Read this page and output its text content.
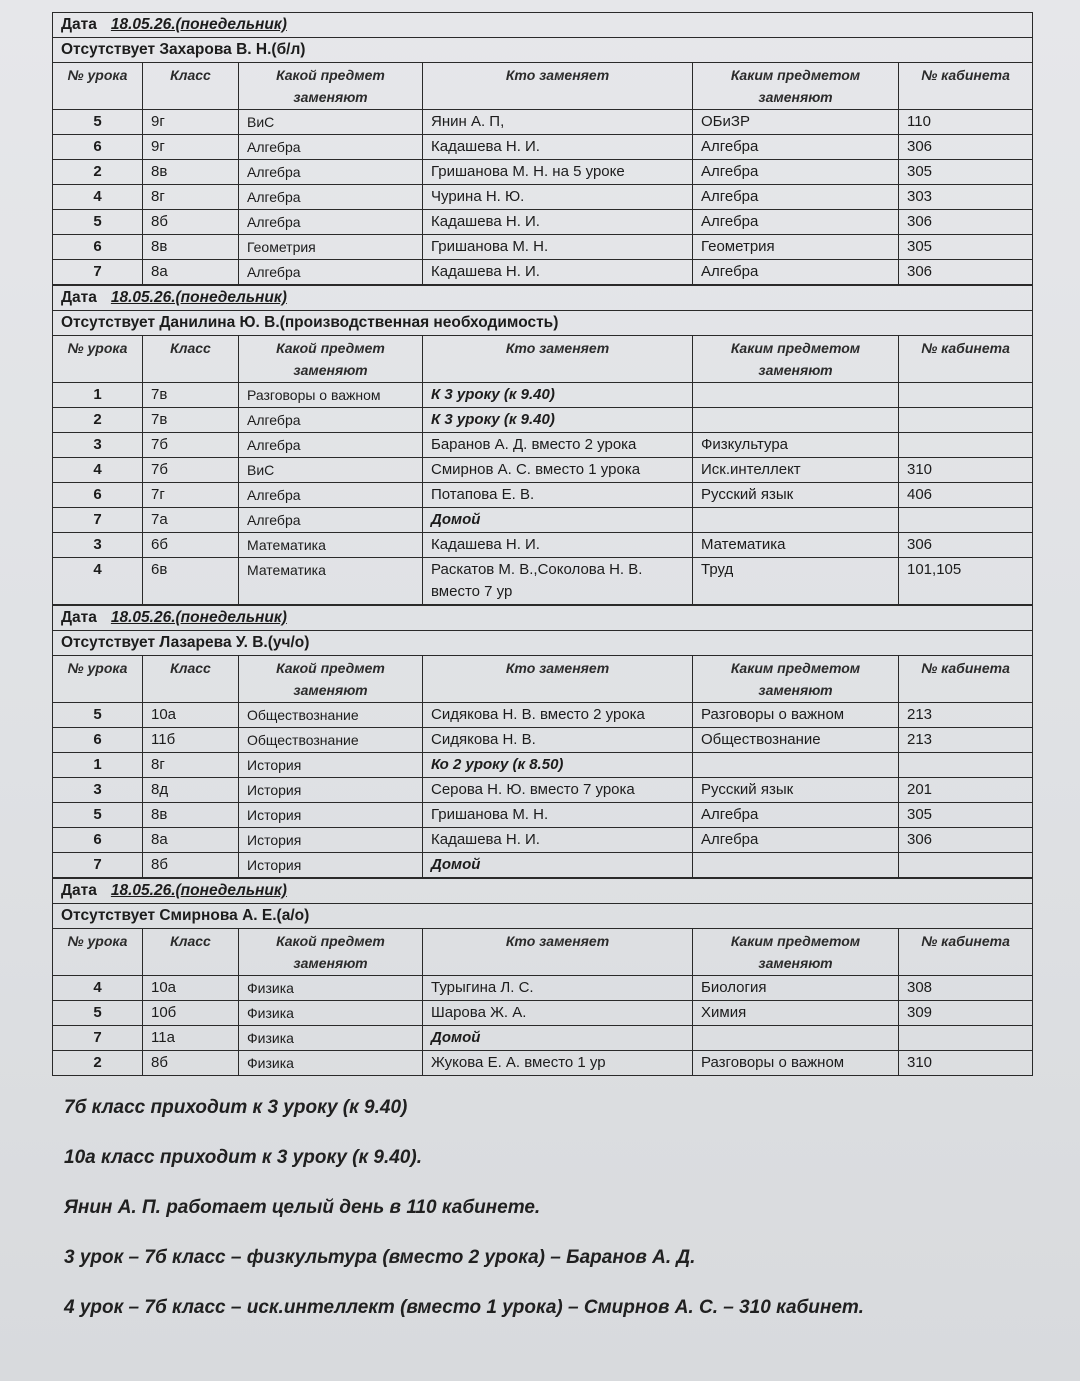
Дата 18.05.26.(понедельник)					
Отсутствует Захарова В. Н.(б/л)					
№ урока	Класс	Какой предмет заменяют	Кто заменяет	Каким предметом заменяют	№ кабинета
5	9г	ВиС	Янин А. П,	ОБиЗР	110
6	9г	Алгебра	Кадашева Н. И.	Алгебра	306
2	8в	Алгебра	Гришанова М. Н. на 5 уроке	Алгебра	305
4	8г	Алгебра	Чурина Н. Ю.	Алгебра	303
5	8б	Алгебра	Кадашева Н. И.	Алгебра	306
6	8в	Геометрия	Гришанова М. Н.	Геометрия	305
7	8а	Алгебра	Кадашева Н. И.	Алгебра	306
Дата 18.05.26.(понедельник)					
Отсутствует Данилина Ю. В.(производственная необходимость)					
№ урока	Класс	Какой предмет заменяют	Кто заменяет	Каким предметом заменяют	№ кабинета
1	7в	Разговоры о важном	К 3 уроку (к 9.40)		
2	7в	Алгебра	К 3 уроку (к 9.40)		
3	7б	Алгебра	Баранов А. Д. вместо 2 урока	Физкультура	
4	7б	ВиС	Смирнов А. С. вместо 1 урока	Иск.интеллект	310
6	7г	Алгебра	Потапова Е. В.	Русский язык	406
7	7а	Алгебра	Домой		
3	6б	Математика	Кадашева Н. И.	Математика	306
4	6в	Математика	Раскатов М. В.,Соколова Н. В. вместо 7 ур	Труд	101,105
Дата 18.05.26.(понедельник)					
Отсутствует Лазарева У. В.(уч/о)					
№ урока	Класс	Какой предмет заменяют	Кто заменяет	Каким предметом заменяют	№ кабинета
5	10а	Обществознание	Сидякова Н. В. вместо 2 урока	Разговоры о важном	213
6	11б	Обществознание	Сидякова Н. В.	Обществознание	213
1	8г	История	Ко 2 уроку (к 8.50)		
3	8д	История	Серова Н. Ю. вместо 7 урока	Русский язык	201
5	8в	История	Гришанова М. Н.	Алгебра	305
6	8а	История	Кадашева Н. И.	Алгебра	306
7	8б	История	Домой		
Дата 18.05.26.(понедельник)					
Отсутствует Смирнова А. Е.(а/о)					
№ урока	Класс	Какой предмет заменяют	Кто заменяет	Каким предметом заменяют	№ кабинета
4	10а	Физика	Турыгина Л. С.	Биология	308
5	10б	Физика	Шарова Ж. А.	Химия	309
7	11а	Физика	Домой		
2	8б	Физика	Жукова Е. А. вместо 1 ур	Разговоры о важном	310
7б класс приходит к 3 уроку (к 9.40)
10а класс приходит к 3 уроку (к 9.40).
Янин А. П. работает целый день в 110 кабинете.
3 урок – 7б класс – физкультура (вместо 2 урока) – Баранов А. Д.
4 урок – 7б класс – иск.интеллект (вместо 1 урока) – Смирнов А. С. – 310 кабинет.
